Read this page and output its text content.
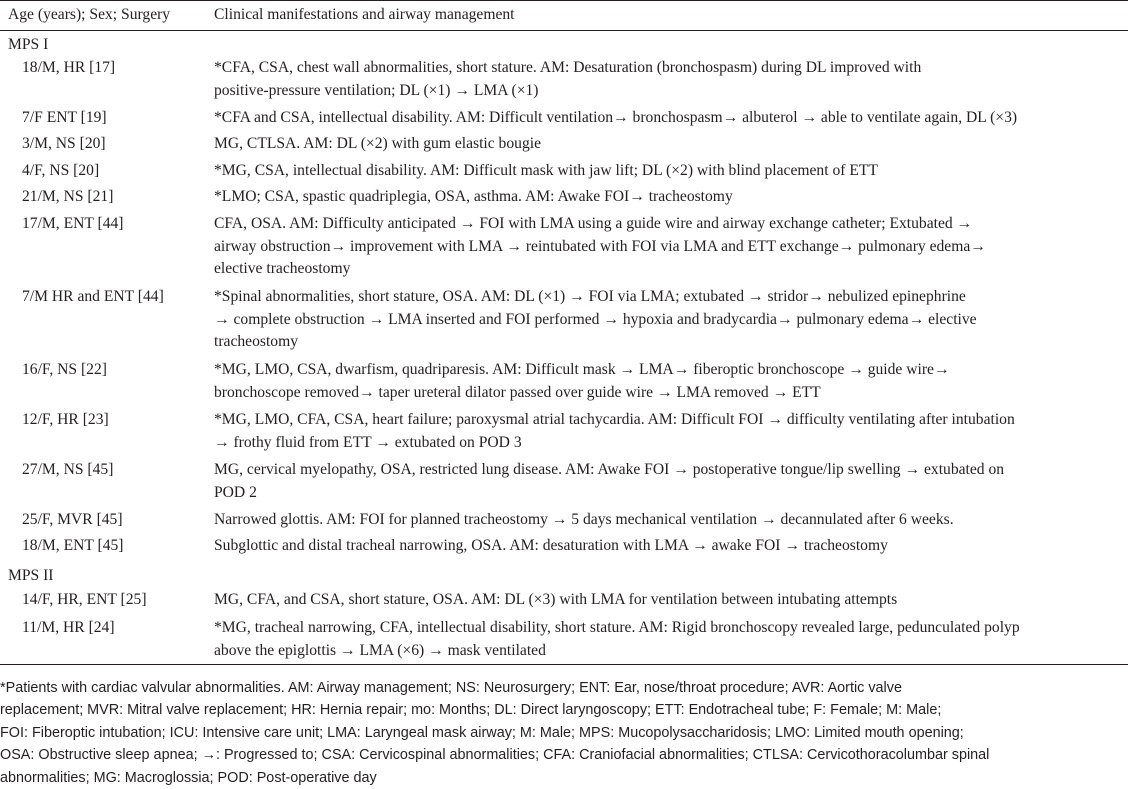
Age (years); Sex; Surgery	Clinical manifestations and airway management
MPS I
18/M, HR [17]	*CFA, CSA, chest wall abnormalities, short stature. AM: Desaturation (bronchospasm) during DL improved with
positive-pressure ventilation; DL (×1) → LMA (×1)
7/F ENT [19]	*CFA and CSA, intellectual disability. AM: Difficult ventilation→ bronchospasm→ albuterol → able to ventilate again, DL (×3)
3/M, NS [20]	MG, CTLSA. AM: DL (×2) with gum elastic bougie
4/F, NS [20]	*MG, CSA, intellectual disability. AM: Difficult mask with jaw lift; DL (×2) with blind placement of ETT
21/M, NS [21]	*LMO; CSA, spastic quadriplegia, OSA, asthma. AM: Awake FOI→ tracheostomy
17/M, ENT [44]	CFA, OSA. AM: Difficulty anticipated → FOI with LMA using a guide wire and airway exchange catheter; Extubated →
airway obstruction→ improvement with LMA → reintubated with FOI via LMA and ETT exchange→ pulmonary edema→
elective tracheostomy
7/M HR and ENT [44]	*Spinal abnormalities, short stature, OSA. AM: DL (×1) → FOI via LMA; extubated → stridor→ nebulized epinephrine
→ complete obstruction → LMA inserted and FOI performed → hypoxia and bradycardia→ pulmonary edema→ elective
tracheostomy
16/F, NS [22]	*MG, LMO, CSA, dwarfism, quadriparesis. AM: Difficult mask → LMA→ fiberoptic bronchoscope → guide wire→
bronchoscope removed→ taper ureteral dilator passed over guide wire → LMA removed → ETT
12/F, HR [23]	*MG, LMO, CFA, CSA, heart failure; paroxysmal atrial tachycardia. AM: Difficult FOI → difficulty ventilating after intubation
→ frothy fluid from ETT → extubated on POD 3
27/M, NS [45]	MG, cervical myelopathy, OSA, restricted lung disease. AM: Awake FOI → postoperative tongue/lip swelling → extubated on
POD 2
25/F, MVR [45]	Narrowed glottis. AM: FOI for planned tracheostomy → 5 days mechanical ventilation → decannulated after 6 weeks.
18/M, ENT [45]	Subglottic and distal tracheal narrowing, OSA. AM: desaturation with LMA → awake FOI → tracheostomy
MPS II
14/F, HR, ENT [25]	MG, CFA, and CSA, short stature, OSA. AM: DL (×3) with LMA for ventilation between intubating attempts
11/M, HR [24]	*MG, tracheal narrowing, CFA, intellectual disability, short stature. AM: Rigid bronchoscopy revealed large, pedunculated polyp
above the epiglottis → LMA (×6) → mask ventilated
*Patients with cardiac valvular abnormalities. AM: Airway management; NS: Neurosurgery; ENT: Ear, nose/throat procedure; AVR: Aortic valve
replacement; MVR: Mitral valve replacement; HR: Hernia repair; mo: Months; DL: Direct laryngoscopy; ETT: Endotracheal tube; F: Female; M: Male;
FOI: Fiberoptic intubation; ICU: Intensive care unit; LMA: Laryngeal mask airway; M: Male; MPS: Mucopolysaccharidosis; LMO: Limited mouth opening;
OSA: Obstructive sleep apnea; →: Progressed to; CSA: Cervicospinal abnormalities; CFA: Craniofacial abnormalities; CTLSA: Cervicothoracolumbar spinal
abnormalities; MG: Macroglossia; POD: Post-operative day
